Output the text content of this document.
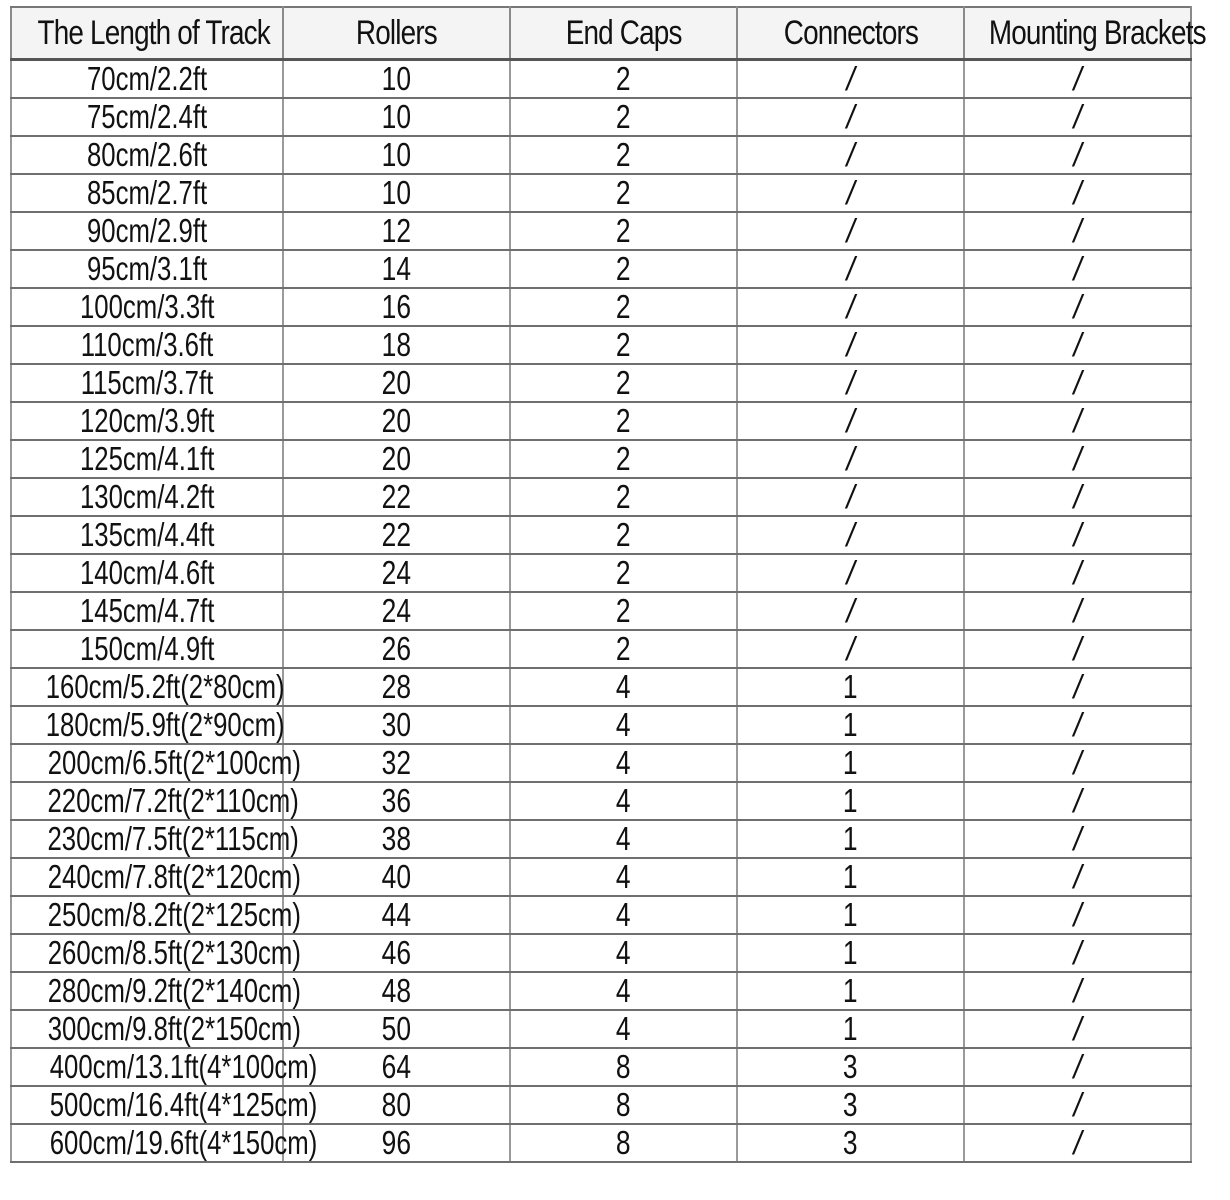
The Length of Track	Rollers	End Caps	Connectors	Mounting Brackets
70cm/2.2ft	10	2	/	/
75cm/2.4ft	10	2	/	/
80cm/2.6ft	10	2	/	/
85cm/2.7ft	10	2	/	/
90cm/2.9ft	12	2	/	/
95cm/3.1ft	14	2	/	/
100cm/3.3ft	16	2	/	/
110cm/3.6ft	18	2	/	/
115cm/3.7ft	20	2	/	/
120cm/3.9ft	20	2	/	/
125cm/4.1ft	20	2	/	/
130cm/4.2ft	22	2	/	/
135cm/4.4ft	22	2	/	/
140cm/4.6ft	24	2	/	/
145cm/4.7ft	24	2	/	/
150cm/4.9ft	26	2	/	/
160cm/5.2ft(2*80cm)	28	4	1	/
180cm/5.9ft(2*90cm)	30	4	1	/
200cm/6.5ft(2*100cm)	32	4	1	/
220cm/7.2ft(2*110cm)	36	4	1	/
230cm/7.5ft(2*115cm)	38	4	1	/
240cm/7.8ft(2*120cm)	40	4	1	/
250cm/8.2ft(2*125cm)	44	4	1	/
260cm/8.5ft(2*130cm)	46	4	1	/
280cm/9.2ft(2*140cm)	48	4	1	/
300cm/9.8ft(2*150cm)	50	4	1	/
400cm/13.1ft(4*100cm)	64	8	3	/
500cm/16.4ft(4*125cm)	80	8	3	/
600cm/19.6ft(4*150cm)	96	8	3	/
